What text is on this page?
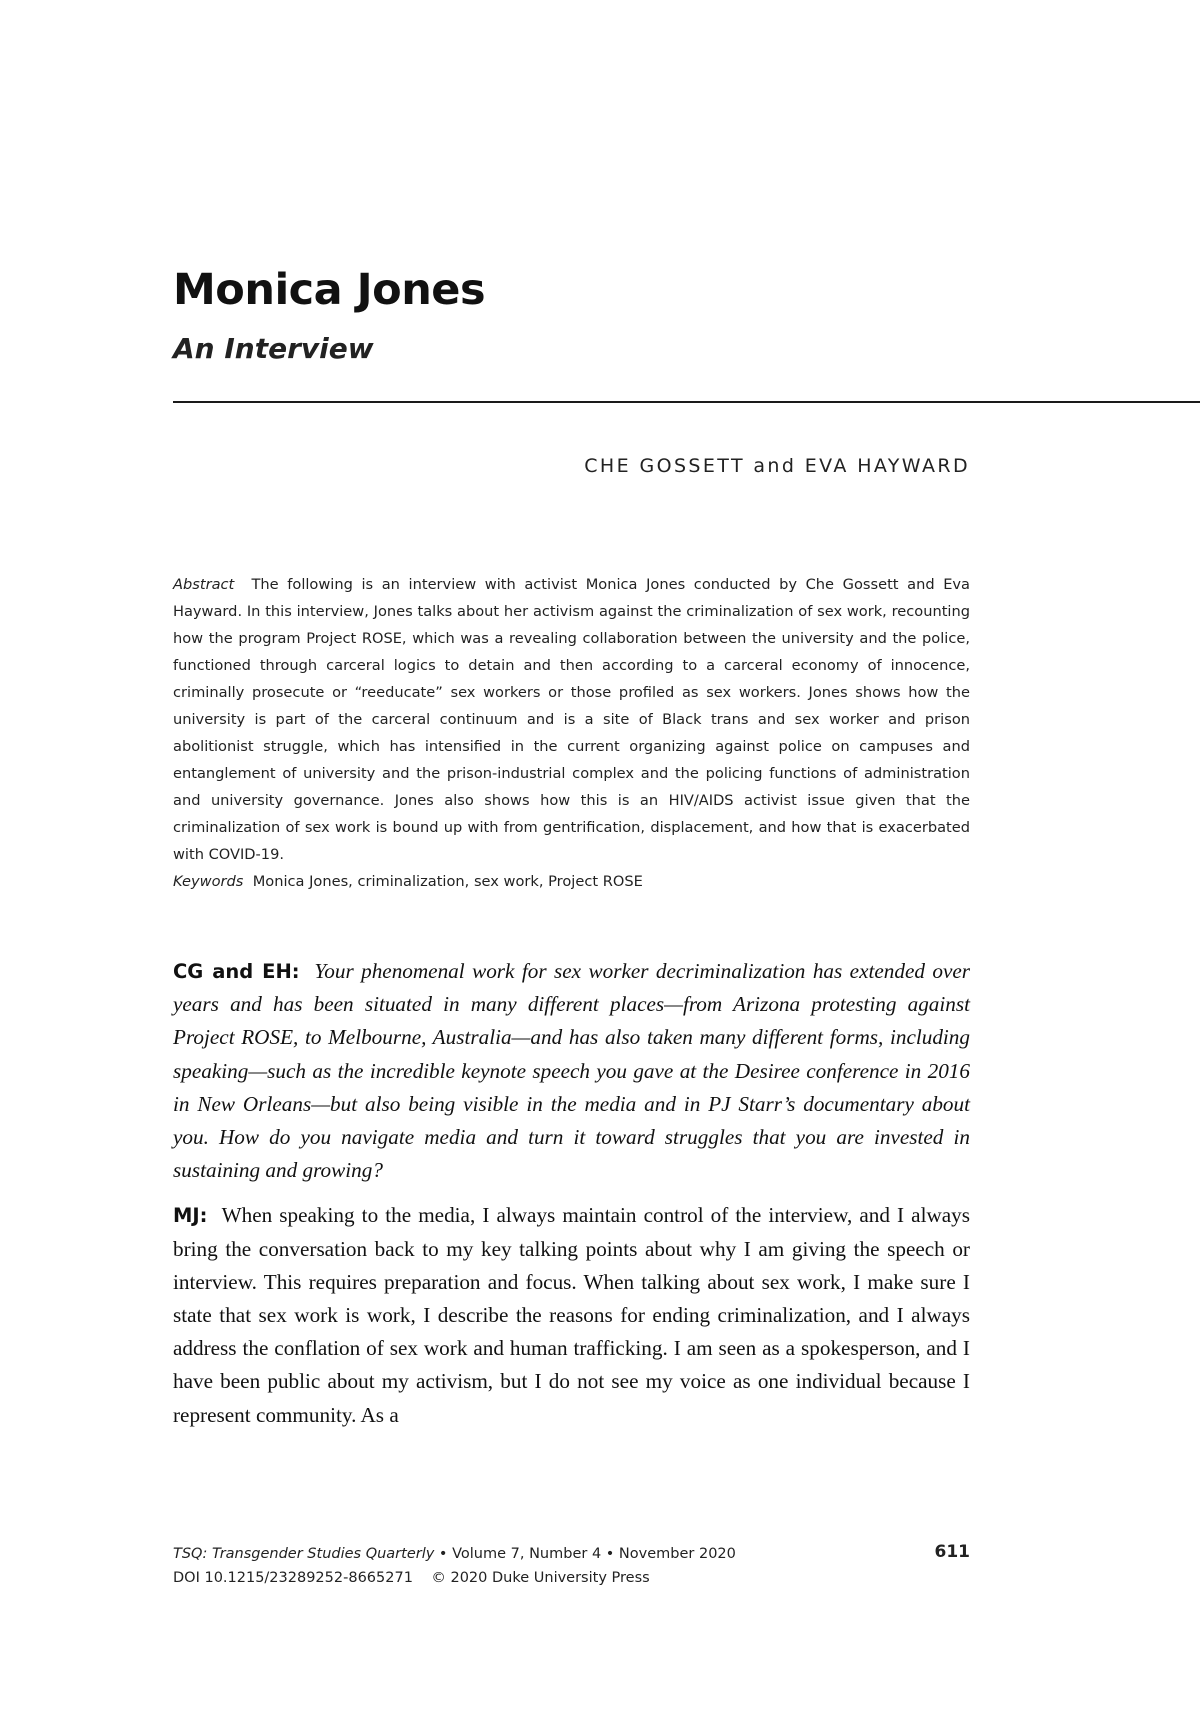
Monica Jones
An Interview
CHE GOSSETT and EVA HAYWARD

Abstract The following is an interview with activist Monica Jones conducted by Che Gossett and Eva Hayward. In this interview, Jones talks about her activism against the criminalization of sex work, recounting how the program Project ROSE, which was a revealing collaboration between the university and the police, functioned through carceral logics to detain and then according to a carceral economy of innocence, criminally prosecute or “reeducate” sex workers or those profiled as sex workers. Jones shows how the university is part of the carceral continuum and is a site of Black trans and sex worker and prison abolitionist struggle, which has intensified in the current organizing against police on campuses and entanglement of university and the prison-industrial complex and the policing functions of administration and university governance. Jones also shows how this is an HIV/AIDS activist issue given that the criminalization of sex work is bound up with from gentrification, displacement, and how that is exacerbated with COVID-19.

Keywords Monica Jones, criminalization, sex work, Project ROSE

CG and EH: Your phenomenal work for sex worker decriminalization has extended over years and has been situated in many different places—from Arizona protesting against Project ROSE, to Melbourne, Australia—and has also taken many different forms, including speaking—such as the incredible keynote speech you gave at the Desiree conference in 2016 in New Orleans—but also being visible in the media and in PJ Starr’s documentary about you. How do you navigate media and turn it toward struggles that you are invested in sustaining and growing?

MJ: When speaking to the media, I always maintain control of the interview, and I always bring the conversation back to my key talking points about why I am giving the speech or interview. This requires preparation and focus. When talking about sex work, I make sure I state that sex work is work, I describe the reasons for ending criminalization, and I always address the conflation of sex work and human trafficking. I am seen as a spokesperson, and I have been public about my activism, but I do not see my voice as one individual because I represent community. As a

TSQ: Transgender Studies Quarterly • Volume 7, Number 4 • November 2020
DOI 10.1215/23289252-8665271 © 2020 Duke University Press
611
